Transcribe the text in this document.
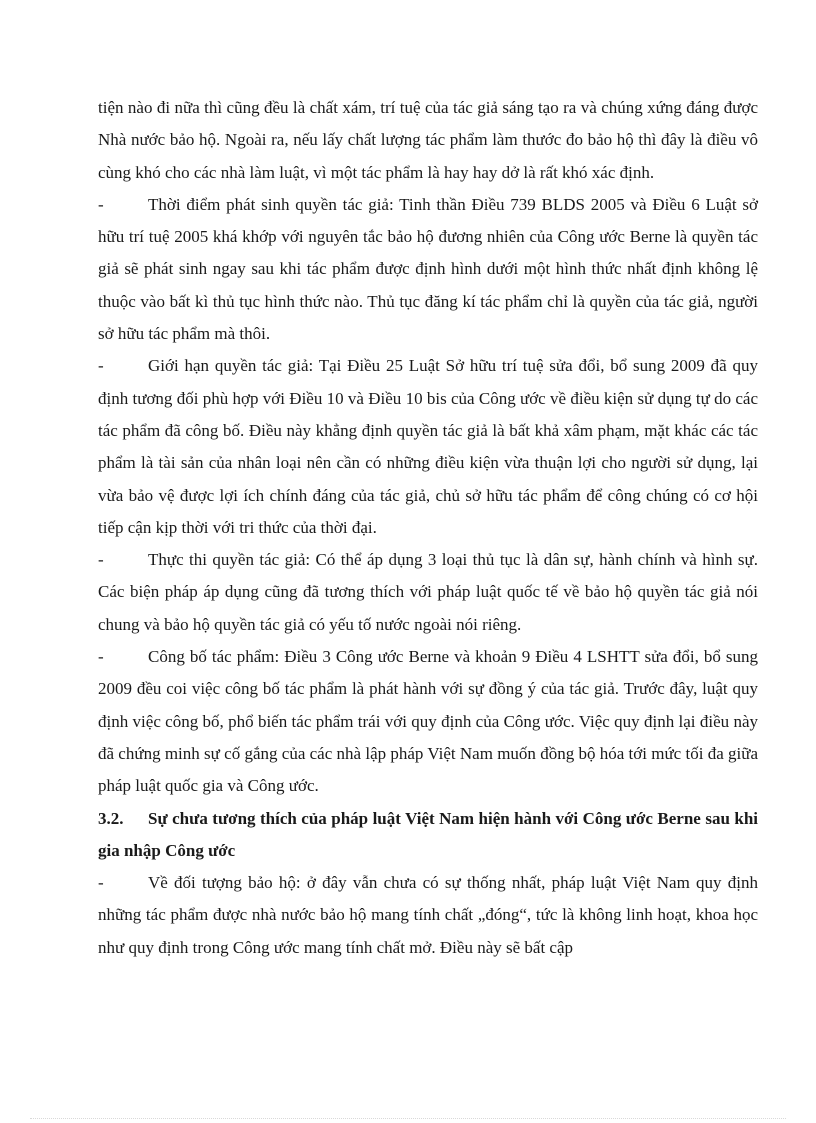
tiện nào đi nữa thì cũng đều là chất xám, trí tuệ của tác giả sáng tạo ra và chúng xứng đáng được Nhà nước bảo hộ. Ngoài ra, nếu lấy chất lượng tác phẩm làm thước đo bảo hộ thì đây là điều vô cùng khó cho các nhà làm luật, vì một tác phẩm là hay hay dở là rất khó xác định.

-	Thời điểm phát sinh quyền tác giả: Tinh thần Điều 739 BLDS 2005 và Điều 6 Luật sở hữu trí tuệ 2005 khá khớp với nguyên tắc bảo hộ đương nhiên của Công ước Berne là quyền tác giả sẽ phát sinh ngay sau khi tác phẩm được định hình dưới một hình thức nhất định không lệ thuộc vào bất kì thủ tục hình thức nào. Thủ tục đăng kí tác phẩm chỉ là quyền của tác giả, người sở hữu tác phẩm mà thôi.

-	Giới hạn quyền tác giả: Tại Điều 25 Luật Sở hữu trí tuệ sửa đổi, bổ sung 2009 đã quy định tương đối phù hợp với Điều 10 và Điều 10 bis của Công ước về điều kiện sử dụng tự do các tác phẩm đã công bố. Điều này khẳng định quyền tác giả là bất khả xâm phạm, mặt khác các tác phẩm là tài sản của nhân loại nên cần có những điều kiện vừa thuận lợi cho người sử dụng, lại vừa bảo vệ được lợi ích chính đáng của tác giả, chủ sở hữu tác phẩm để công chúng có cơ hội tiếp cận kịp thời với tri thức của thời đại.

-	Thực thi quyền tác giả: Có thể áp dụng 3 loại thủ tục là dân sự, hành chính và hình sự. Các biện pháp áp dụng cũng đã tương thích với pháp luật quốc tế về bảo hộ quyền tác giả nói chung và bảo hộ quyền tác giả có yếu tố nước ngoài nói riêng.

-	Công bố tác phẩm: Điều 3 Công ước Berne và khoản 9 Điều 4 LSHTT sửa đổi, bổ sung 2009 đều coi việc công bố tác phẩm là phát hành với sự đồng ý của tác giả. Trước đây, luật quy định việc công bố, phổ biến tác phẩm trái với quy định của Công ước. Việc quy định lại điều này đã chứng minh sự cố gắng của các nhà lập pháp Việt Nam muốn đồng bộ hóa tới mức tối đa giữa pháp luật quốc gia và Công ước.

3.2. Sự chưa tương thích của pháp luật Việt Nam hiện hành với Công ước Berne sau khi gia nhập Công ước

-	Về đối tượng bảo hộ: ở đây vẫn chưa có sự thống nhất, pháp luật Việt Nam quy định những tác phẩm được nhà nước bảo hộ mang tính chất „đóng“, tức là không linh hoạt, khoa học như quy định trong Công ước mang tính chất mở. Điều này sẽ bất cập
